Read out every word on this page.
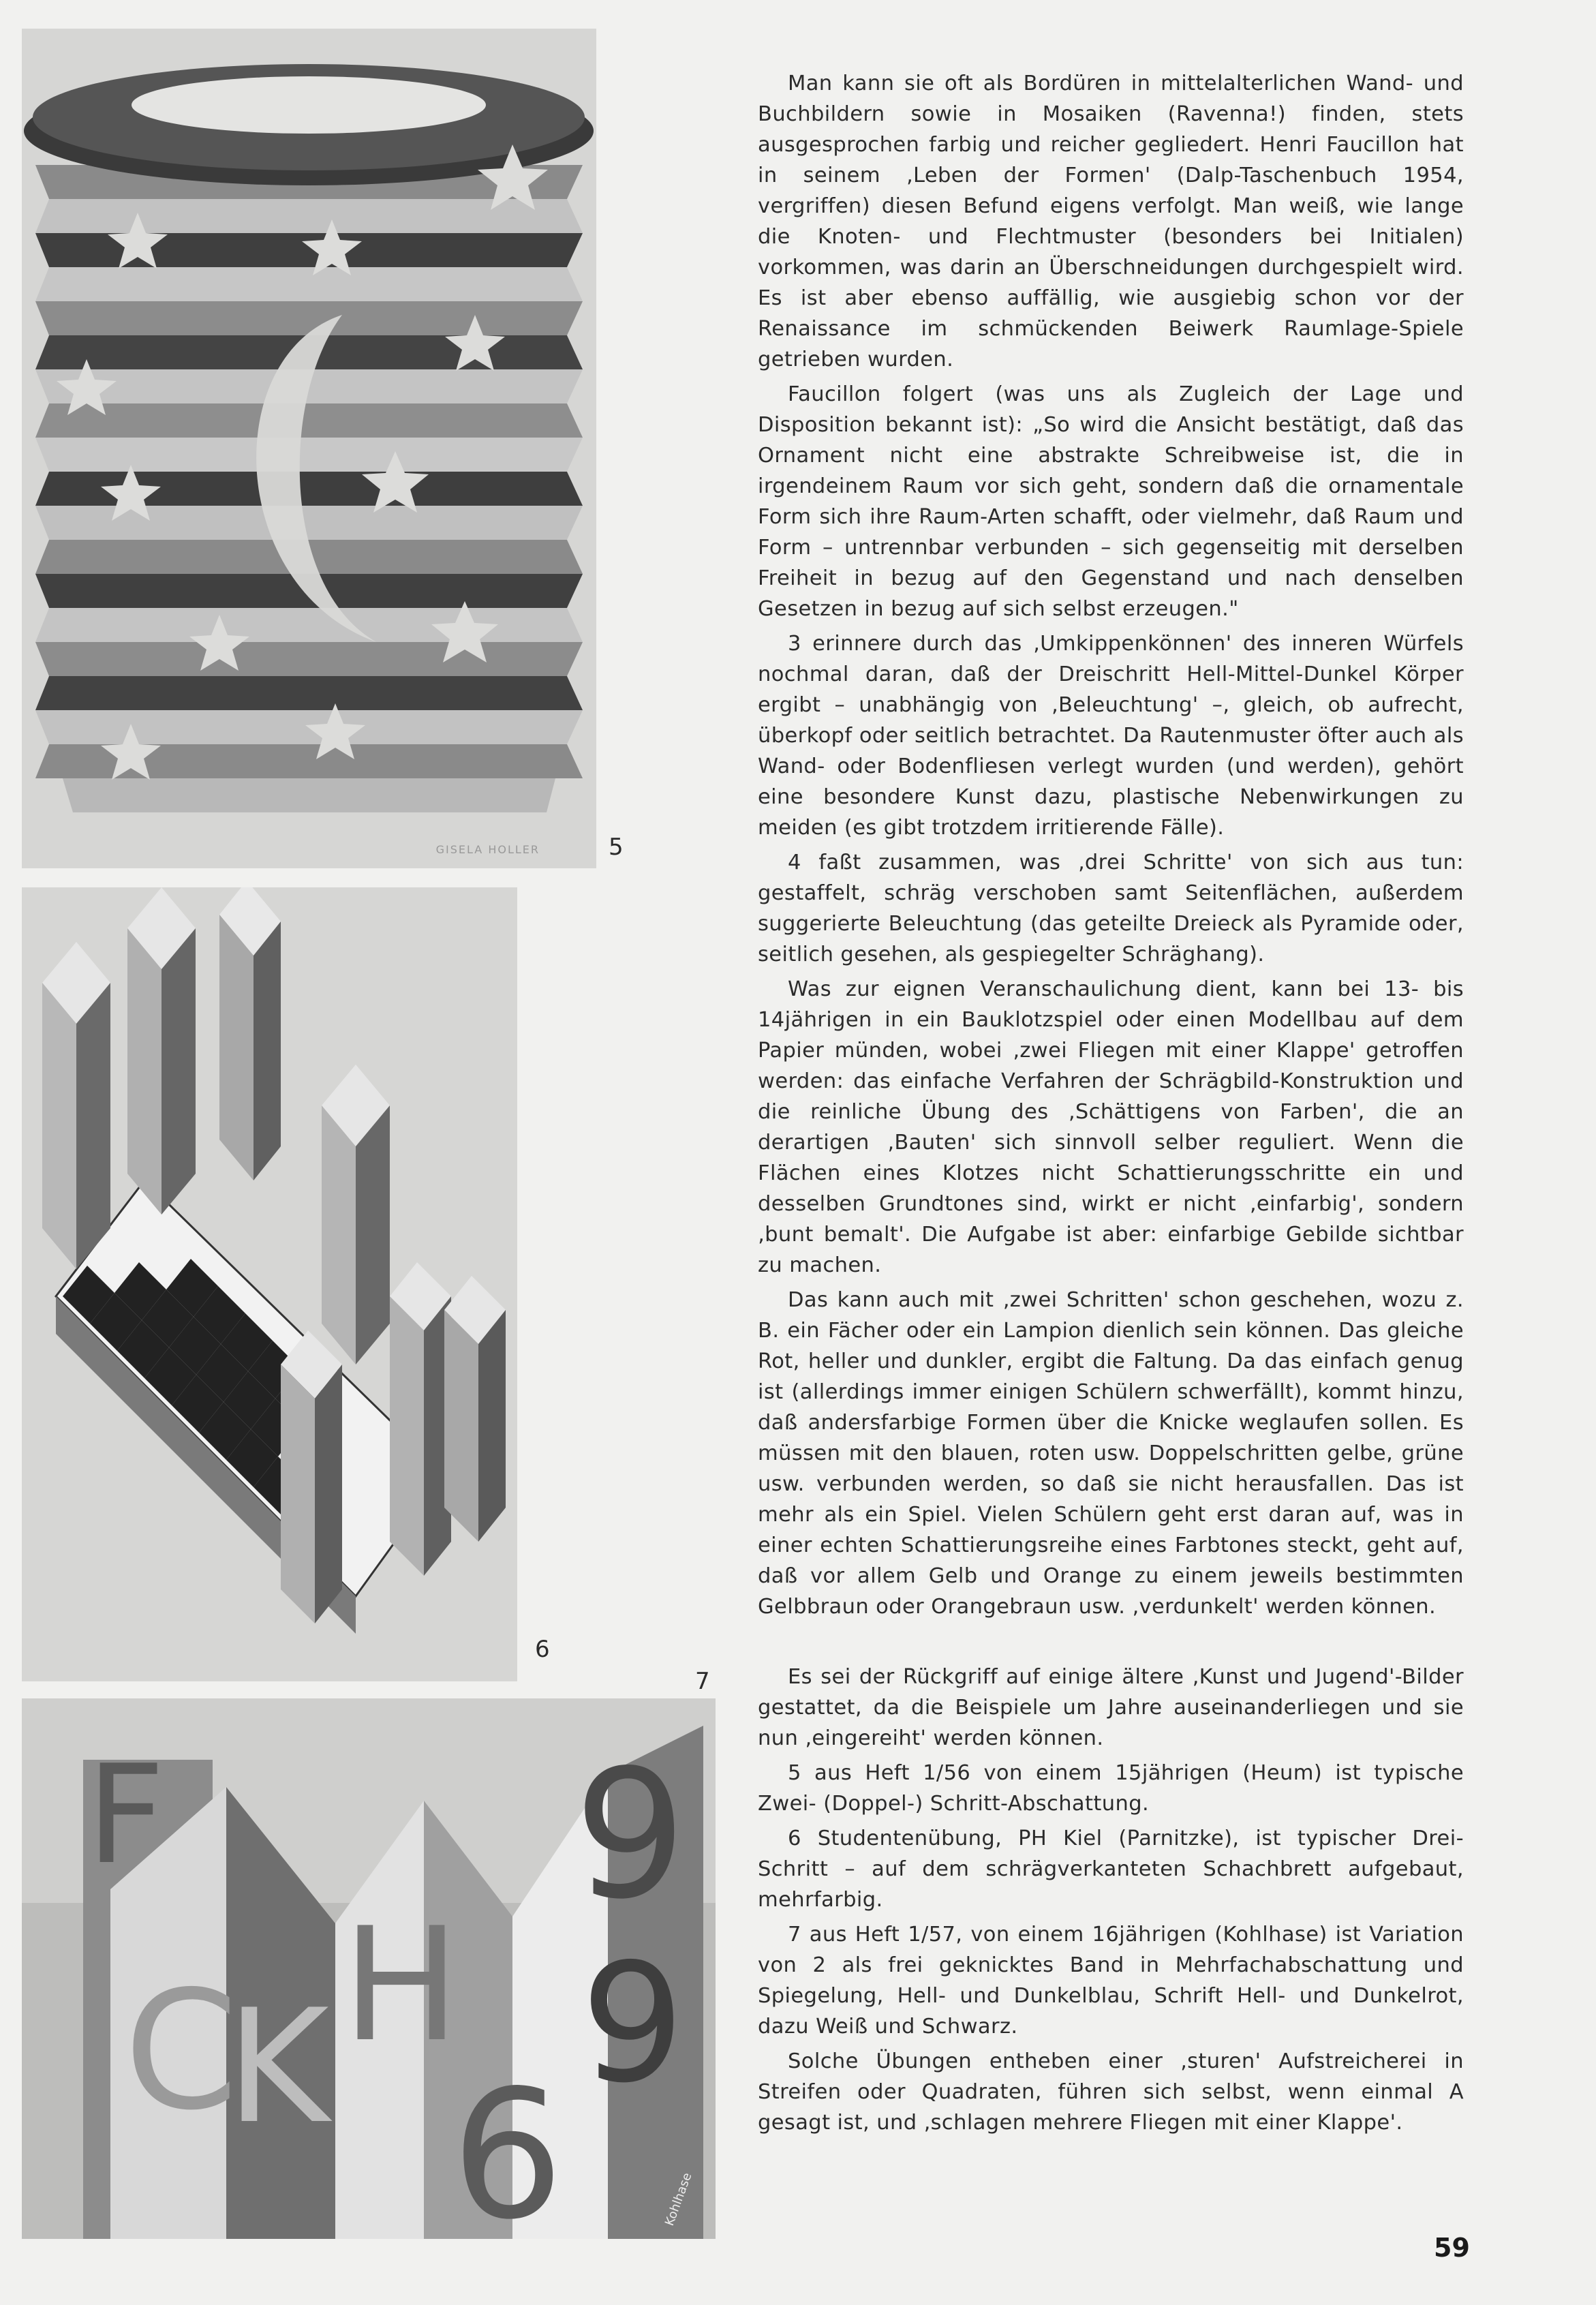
GISELA HOLLER	5
6
7
F
C
K H
9
6
9
Kohlhase

Man kann sie oft als Bordüren in mittelalterlichen Wand- und Buchbildern sowie in Mosaiken (Ravenna!) finden, stets ausgesprochen farbig und reicher gegliedert. Henri Faucillon hat in seinem ‚Leben der Formen' (Dalp-Taschenbuch 1954, vergriffen) diesen Befund eigens verfolgt. Man weiß, wie lange die Knoten- und Flechtmuster (besonders bei Initialen) vorkommen, was darin an Überschneidungen durchgespielt wird. Es ist aber ebenso auffällig, wie ausgiebig schon vor der Renaissance im schmückenden Beiwerk Raumlage-Spiele getrieben wurden.

Faucillon folgert (was uns als Zugleich der Lage und Disposition bekannt ist): „So wird die Ansicht bestätigt, daß das Ornament nicht eine abstrakte Schreibweise ist, die in irgendeinem Raum vor sich geht, sondern daß die ornamentale Form sich ihre Raum-Arten schafft, oder vielmehr, daß Raum und Form – untrennbar verbunden – sich gegenseitig mit derselben Freiheit in bezug auf den Gegenstand und nach denselben Gesetzen in bezug auf sich selbst erzeugen."

3 erinnere durch das ‚Umkippenkönnen' des inneren Würfels nochmal daran, daß der Dreischritt Hell-Mittel-Dunkel Körper ergibt – unabhängig von ‚Beleuchtung' –, gleich, ob aufrecht, überkopf oder seitlich betrachtet. Da Rautenmuster öfter auch als Wand- oder Bodenfliesen verlegt wurden (und werden), gehört eine besondere Kunst dazu, plastische Nebenwirkungen zu meiden (es gibt trotzdem irritierende Fälle).

4 faßt zusammen, was ‚drei Schritte' von sich aus tun: gestaffelt, schräg verschoben samt Seitenflächen, außerdem suggerierte Beleuchtung (das geteilte Dreieck als Pyramide oder, seitlich gesehen, als gespiegelter Schräghang).

Was zur eignen Veranschaulichung dient, kann bei 13- bis 14jährigen in ein Bauklotzspiel oder einen Modellbau auf dem Papier münden, wobei ‚zwei Fliegen mit einer Klappe' getroffen werden: das einfache Verfahren der Schrägbild-Konstruktion und die reinliche Übung des ‚Schättigens von Farben', die an derartigen ‚Bauten' sich sinnvoll selber reguliert. Wenn die Flächen eines Klotzes nicht Schattierungsschritte ein und desselben Grundtones sind, wirkt er nicht ‚einfarbig', sondern ‚bunt bemalt'. Die Aufgabe ist aber: einfarbige Gebilde sichtbar zu machen.

Das kann auch mit ‚zwei Schritten' schon geschehen, wozu z. B. ein Fächer oder ein Lampion dienlich sein können. Das gleiche Rot, heller und dunkler, ergibt die Faltung. Da das einfach genug ist (allerdings immer einigen Schülern schwerfällt), kommt hinzu, daß andersfarbige Formen über die Knicke weglaufen sollen. Es müssen mit den blauen, roten usw. Doppelschritten gelbe, grüne usw. verbunden werden, so daß sie nicht herausfallen. Das ist mehr als ein Spiel. Vielen Schülern geht erst daran auf, was in einer echten Schattierungsreihe eines Farbtones steckt, geht auf, daß vor allem Gelb und Orange zu einem jeweils bestimmten Gelbbraun oder Orangebraun usw. ‚verdunkelt' werden können.

Es sei der Rückgriff auf einige ältere ‚Kunst und Jugend'-Bilder gestattet, da die Beispiele um Jahre auseinanderliegen und sie nun ‚eingereiht' werden können.

5 aus Heft 1/56 von einem 15jährigen (Heum) ist typische Zwei- (Doppel-) Schritt-Abschattung.

6 Studentenübung, PH Kiel (Parnitzke), ist typischer Drei-Schritt – auf dem schrägverkanteten Schachbrett aufgebaut, mehrfarbig.

7 aus Heft 1/57, von einem 16jährigen (Kohlhase) ist Variation von 2 als frei geknicktes Band in Mehrfachabschattung und Spiegelung, Hell- und Dunkelblau, Schrift Hell- und Dunkelrot, dazu Weiß und Schwarz.

Solche Übungen entheben einer ‚sturen' Aufstreicherei in Streifen oder Quadraten, führen sich selbst, wenn einmal A gesagt ist, und ‚schlagen mehrere Fliegen mit einer Klappe'.

59
